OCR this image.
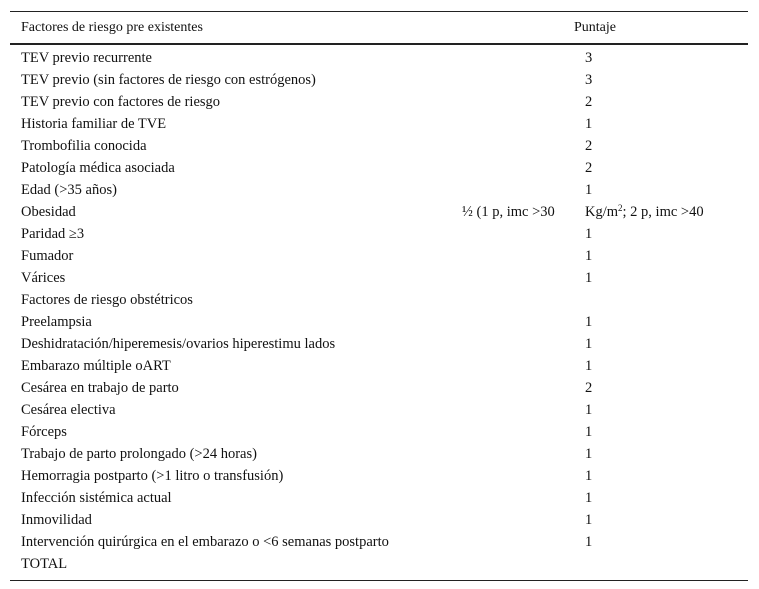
Factores de riesgo pre existentes	Puntaje
TEV previo recurrente	3
TEV previo (sin factores de riesgo con estrógenos)	3
TEV previo con factores de riesgo	2
Historia familiar de TVE	1
Trombofilia conocida	2
Patología médica asociada	2
Edad (>35 años)	1
Obesidad	½ (1 p, imc >30 $Kg/m^2$; 2 p, imc >40
Paridad ≥3	1
Fumador	1
Várices	1
Factores de riesgo obstétricos
Preelampsia	1
Deshidratación/hiperemesis/ovarios hiperestimu lados	1
Embarazo múltiple oART	1
Cesárea en trabajo de parto	2
Cesárea electiva	1
Fórceps	1
Trabajo de parto prolongado (>24 horas)	1
Hemorragia postparto (>1 litro o transfusión)	1
Infección sistémica actual	1
Inmovilidad	1
Intervención quirúrgica en el embarazo o <6 semanas postparto	1
TOTAL
